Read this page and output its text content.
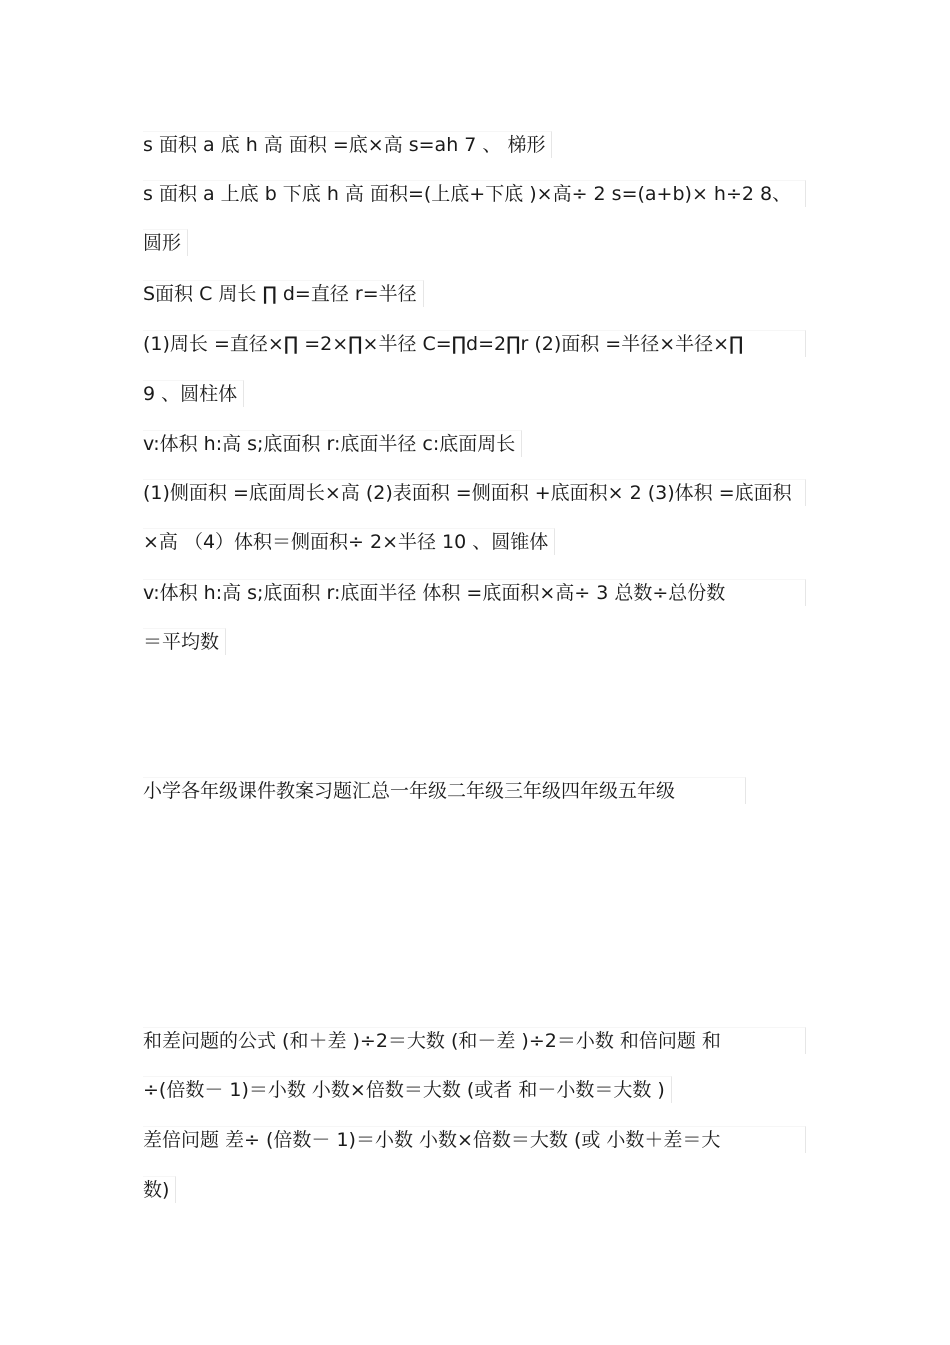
s 面积 a 底 h 高 面积 =底×高 s=ah 7 、 梯形
s 面积 a 上底 b 下底 h 高 面积=(上底+下底 )×高÷ 2 s=(a+b)× h÷2 8、
圆形
S面积 C 周长 ∏ d=直径 r=半径
(1)周长 =直径×∏ =2×∏×半径 C=∏d=2∏r (2)面积 =半径×半径×∏
9 、圆柱体
v:体积 h:高 s;底面积 r:底面半径 c:底面周长
(1)侧面积 =底面周长×高 (2)表面积 =侧面积 +底面积× 2 (3)体积 =底面积
×高 （4）体积＝侧面积÷ 2×半径 10 、圆锥体
v:体积 h:高 s;底面积 r:底面半径 体积 =底面积×高÷ 3 总数÷总份数
＝平均数
小学各年级课件教案习题汇总一年级二年级三年级四年级五年级
和差问题的公式 (和＋差 )÷2＝大数 (和－差 )÷2＝小数 和倍问题 和
÷(倍数－ 1)＝小数 小数×倍数＝大数 (或者 和－小数＝大数 )
差倍问题 差÷ (倍数－ 1)＝小数 小数×倍数＝大数 (或 小数＋差＝大
数)
